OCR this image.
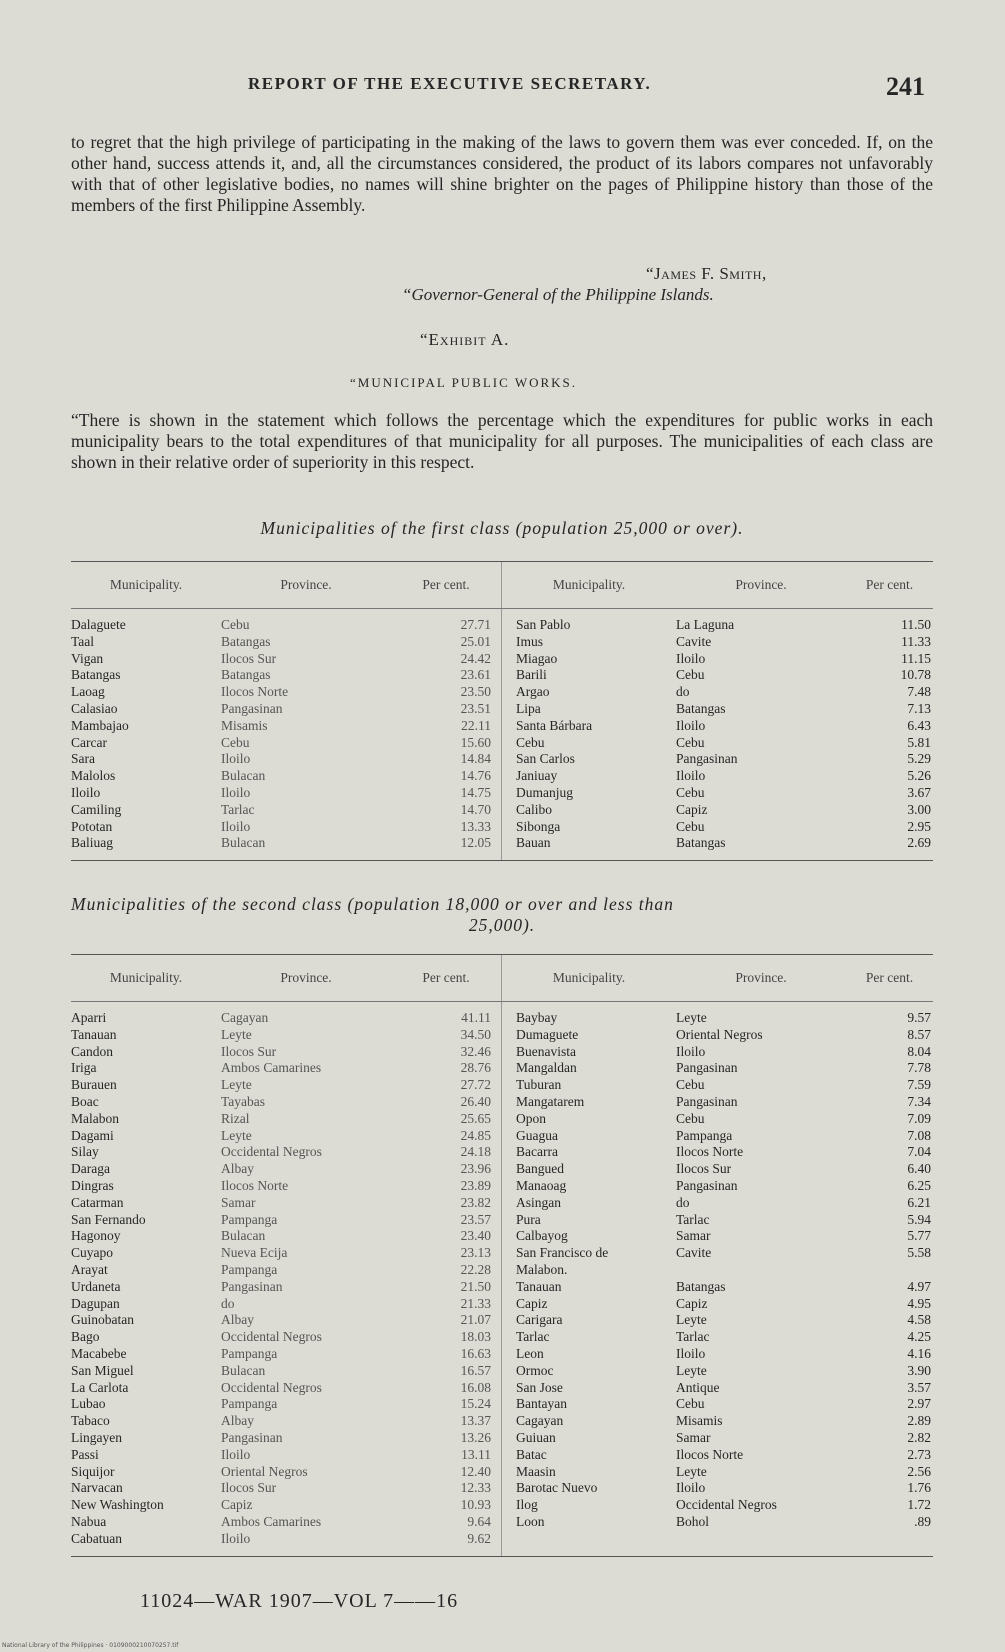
REPORT OF THE EXECUTIVE SECRETARY.	241
to regret that the high privilege of participating in the making of the laws to govern them was ever conceded. If, on the other hand, success attends it, and, all the circumstances considered, the product of its labors compares not unfavorably with that of other legislative bodies, no names will shine brighter on the pages of Philippine history than those of the members of the first Philippine Assembly.
“James F. Smith,
“Governor-General of the Philippine Islands.
“Exhibit A.
“MUNICIPAL PUBLIC WORKS.
“There is shown in the statement which follows the percentage which the expenditures for public works in each municipality bears to the total expenditures of that municipality for all purposes. The municipalities of each class are shown in their relative order of superiority in this respect.
Municipalities of the first class (population 25,000 or over).
Municipality.	Province.	Per cent.	Municipality.	Province.	Per cent.
Dalaguete	Cebu	27.71	San Pablo	La Laguna	11.50
Taal	Batangas	25.01	Imus	Cavite	11.33
Vigan	Ilocos Sur	24.42	Miagao	Iloilo	11.15
Batangas	Batangas	23.61	Barili	Cebu	10.78
Laoag	Ilocos Norte	23.50	Argao	do	7.48
Calasiao	Pangasinan	23.51	Lipa	Batangas	7.13
Mambajao	Misamis	22.11	Santa Bárbara	Iloilo	6.43
Carcar	Cebu	15.60	Cebu	Cebu	5.81
Sara	Iloilo	14.84	San Carlos	Pangasinan	5.29
Malolos	Bulacan	14.76	Janiuay	Iloilo	5.26
Iloilo	Iloilo	14.75	Dumanjug	Cebu	3.67
Camiling	Tarlac	14.70	Calibo	Capiz	3.00
Pototan	Iloilo	13.33	Sibonga	Cebu	2.95
Baliuag	Bulacan	12.05	Bauan	Batangas	2.69
Municipalities of the second class (population 18,000 or over and less than
25,000).
Municipality.	Province.	Per cent.	Municipality.	Province.	Per cent.
Aparri	Cagayan	41.11	Baybay	Leyte	9.57
Tanauan	Leyte	34.50	Dumaguete	Oriental Negros	8.57
Candon	Ilocos Sur	32.46	Buenavista	Iloilo	8.04
Iriga	Ambos Camarines	28.76	Mangaldan	Pangasinan	7.78
Burauen	Leyte	27.72	Tuburan	Cebu	7.59
Boac	Tayabas	26.40	Mangatarem	Pangasinan	7.34
Malabon	Rizal	25.65	Opon	Cebu	7.09
Dagami	Leyte	24.85	Guagua	Pampanga	7.08
Silay	Occidental Negros	24.18	Bacarra	Ilocos Norte	7.04
Daraga	Albay	23.96	Bangued	Ilocos Sur	6.40
Dingras	Ilocos Norte	23.89	Manaoag	Pangasinan	6.25
Catarman	Samar	23.82	Asingan	do	6.21
San Fernando	Pampanga	23.57	Pura	Tarlac	5.94
Hagonoy	Bulacan	23.40	Calbayog	Samar	5.77
Cuyapo	Nueva Ecija	23.13	San Francisco de	Cavite	5.58
Arayat	Pampanga	22.28	Malabon.		
Urdaneta	Pangasinan	21.50	Tanauan	Batangas	4.97
Dagupan	do	21.33	Capiz	Capiz	4.95
Guinobatan	Albay	21.07	Carigara	Leyte	4.58
Bago	Occidental Negros	18.03	Tarlac	Tarlac	4.25
Macabebe	Pampanga	16.63	Leon	Iloilo	4.16
San Miguel	Bulacan	16.57	Ormoc	Leyte	3.90
La Carlota	Occidental Negros	16.08	San Jose	Antique	3.57
Lubao	Pampanga	15.24	Bantayan	Cebu	2.97
Tabaco	Albay	13.37	Cagayan	Misamis	2.89
Lingayen	Pangasinan	13.26	Guiuan	Samar	2.82
Passi	Iloilo	13.11	Batac	Ilocos Norte	2.73
Siquijor	Oriental Negros	12.40	Maasin	Leyte	2.56
Narvacan	Ilocos Sur	12.33	Barotac Nuevo	Iloilo	1.76
New Washington	Capiz	10.93	Ilog	Occidental Negros	1.72
Nabua	Ambos Camarines	9.64	Loon	Bohol	.89
Cabatuan	Iloilo	9.62			
11024—WAR 1907—VOL 7——16
National Library of the Philippines · 0109000210070257.tif
